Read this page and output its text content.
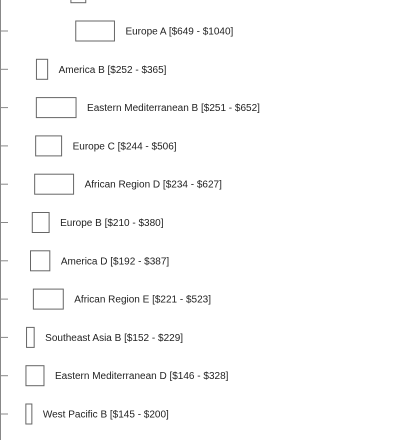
Europe A [$649 - $1040]
America B [$252 - $365]
Eastern Mediterranean B [$251 - $652]
Europe C [$244 - $506]
African Region D [$234 - $627]
Europe B [$210 - $380]
America D [$192 - $387]
African Region E [$221 - $523]
Southeast Asia B [$152 - $229]
Eastern Mediterranean D [$146 - $328]
West Pacific B [$145 - $200]
